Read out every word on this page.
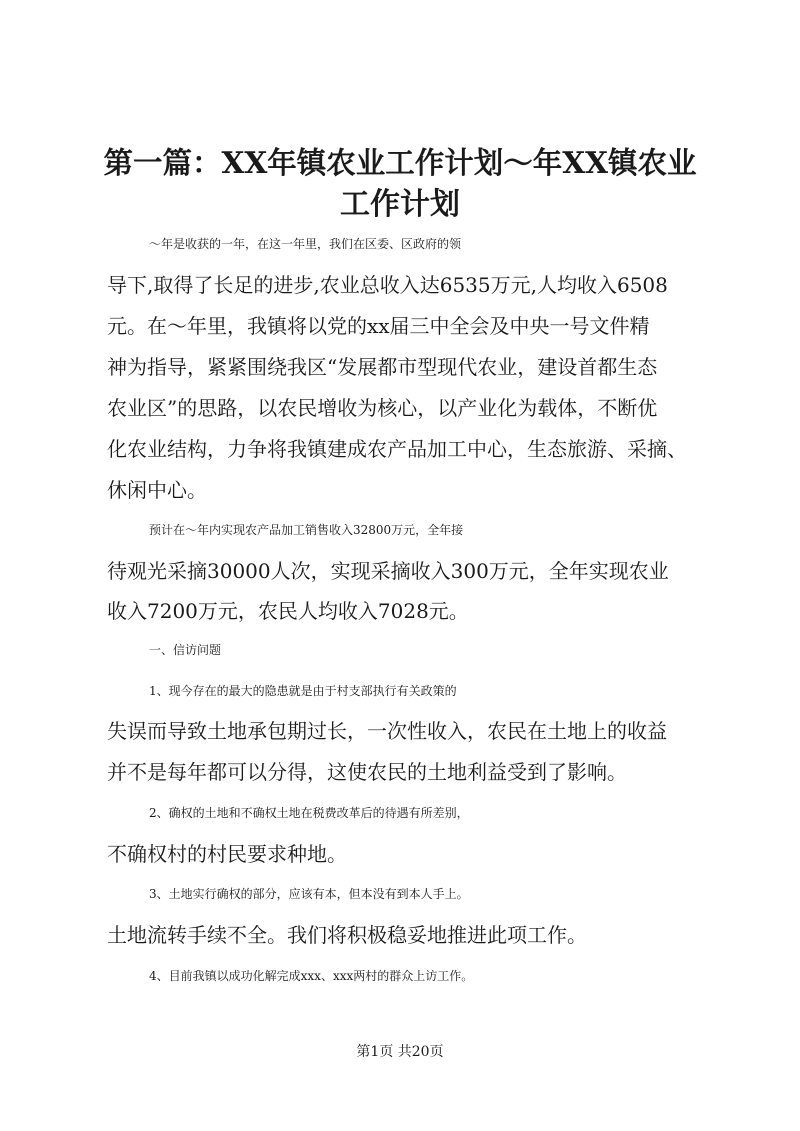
第一篇：XX年镇农业工作计划～年XX镇农业
工作计划

～年是收获的一年，在这一年里，我们在区委、区政府的领

导下,取得了长足的进步,农业总收入达6535万元,人均收入6508

元。在～年里，我镇将以党的xx届三中全会及中央一号文件精

神为指导，紧紧围绕我区“发展都市型现代农业，建设首都生态

农业区”的思路，以农民增收为核心，以产业化为载体，不断优

化农业结构，力争将我镇建成农产品加工中心，生态旅游、采摘、

休闲中心。

预计在～年内实现农产品加工销售收入32800万元，全年接

待观光采摘30000人次，实现采摘收入300万元，全年实现农业

收入7200万元，农民人均收入7028元。

一、信访问题

1、现今存在的最大的隐患就是由于村支部执行有关政策的

失误而导致土地承包期过长，一次性收入，农民在土地上的收益

并不是每年都可以分得，这使农民的土地利益受到了影响。

2、确权的土地和不确权土地在税费改革后的待遇有所差别，

不确权村的村民要求种地。

3、土地实行确权的部分，应该有本，但本没有到本人手上。

土地流转手续不全。我们将积极稳妥地推进此项工作。

4、目前我镇以成功化解完成xxx、xxx两村的群众上访工作。

第1页 共20页
